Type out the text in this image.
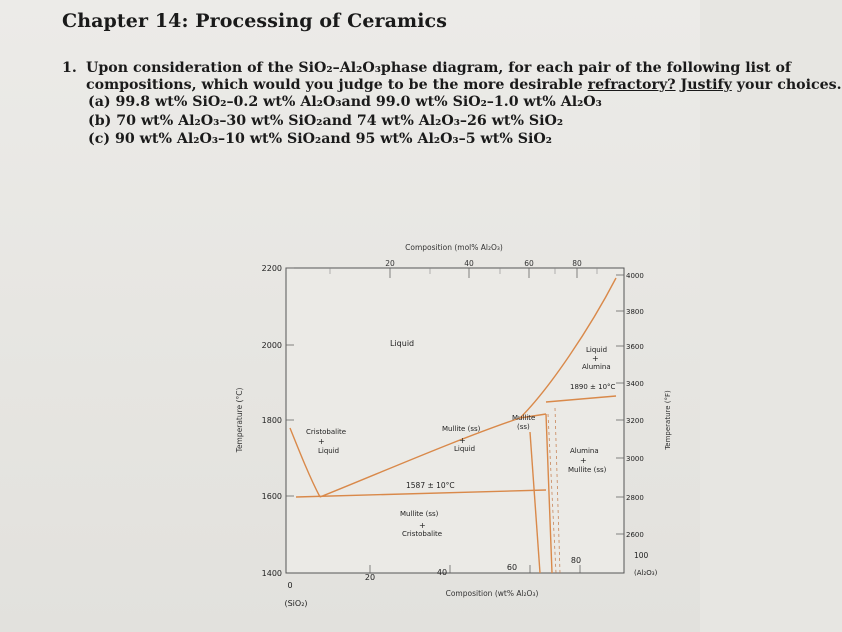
Chapter 14: Processing of Ceramics
1. Upon consideration of the SiO₂–Al₂O₃phase diagram, for each pair of the following list of
compositions, which would you judge to be the more desirable refractory? Justify your choices.
(a) 99.8 wt% SiO₂–0.2 wt% Al₂O₃and 99.0 wt% SiO₂–1.0 wt% Al₂O₃
(b) 70 wt% Al₂O₃–30 wt% SiO₂and 74 wt% Al₂O₃–26 wt% SiO₂
(c) 90 wt% Al₂O₃–10 wt% SiO₂and 95 wt% Al₂O₃–5 wt% SiO₂
Composition (mol% Al₂O₃)
20	40	60	80
2200
2000
1800
1600
1400
Temperature (°C)
4000
3800
3600
3400
3200
3000
2800
2600
Temperature (°F)
0
20
40
60
80
100
(Al₂O₃)
(SiO₂)
Composition (wt% Al₂O₃)
Liquid
Cristobalite
+
Liquid
Mullite (ss)
+
Liquid
Mullite
(ss)
Liquid
+
Alumina
1890 ± 10°C
Alumina
+
Mullite (ss)
1587 ± 10°C
Mullite (ss)
+
Cristobalite
